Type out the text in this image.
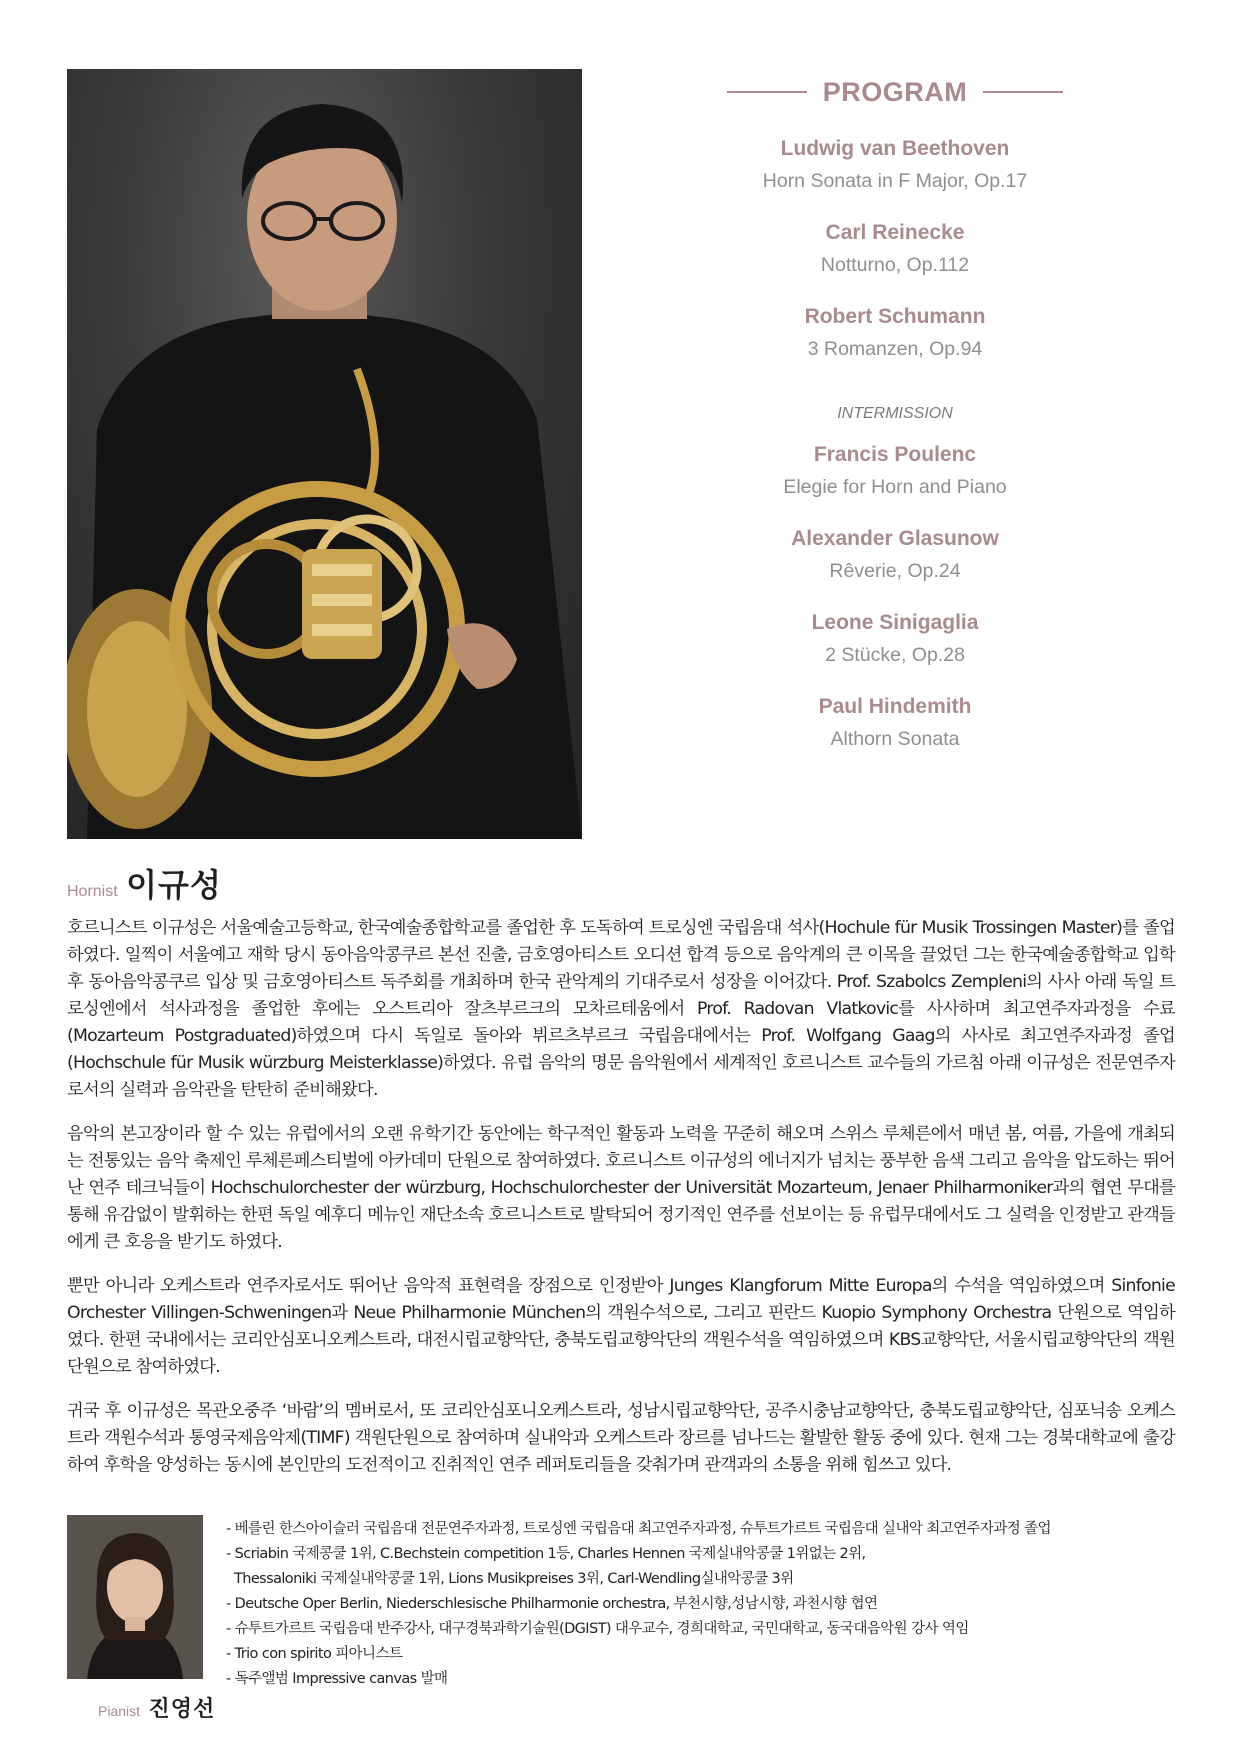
PROGRAM
Ludwig van Beethoven
Horn Sonata in F Major, Op.17
Carl Reinecke
Notturno, Op.112
Robert Schumann
3 Romanzen, Op.94
INTERMISSION
Francis Poulenc
Elegie for Horn and Piano
Alexander Glasunow
Rêverie, Op.24
Leone Sinigaglia
2 Stücke, Op.28
Paul Hindemith
Althorn Sonata
Hornist 이규성

호르니스트 이규성은 서울예술고등학교, 한국예술종합학교를 졸업한 후 도독하여 트로싱엔 국립음대 석사(Hochule für Musik Trossingen Master)를 졸업하였다. 일찍이 서울예고 재학 당시 동아음악콩쿠르 본선 진출, 금호영아티스트 오디션 합격 등으로 음악계의 큰 이목을 끌었던 그는 한국예술종합학교 입학 후 동아음악콩쿠르 입상 및 금호영아티스트 독주회를 개최하며 한국 관악계의 기대주로서 성장을 이어갔다. Prof. Szabolcs Zempleni의 사사 아래 독일 트로싱엔에서 석사과정을 졸업한 후에는 오스트리아 잘츠부르크의 모차르테움에서 Prof. Radovan Vlatkovic를 사사하며 최고연주자과정을 수료(Mozarteum Postgraduated)하였으며 다시 독일로 돌아와 뷔르츠부르크 국립음대에서는 Prof. Wolfgang Gaag의 사사로 최고연주자과정 졸업(Hochschule für Musik würzburg Meisterklasse)하였다. 유럽 음악의 명문 음악원에서 세계적인 호르니스트 교수들의 가르침 아래 이규성은 전문연주자로서의 실력과 음악관을 탄탄히 준비해왔다.

음악의 본고장이라 할 수 있는 유럽에서의 오랜 유학기간 동안에는 학구적인 활동과 노력을 꾸준히 해오며 스위스 루체른에서 매년 봄, 여름, 가을에 개최되는 전통있는 음악 축제인 루체른페스티벌에 아카데미 단원으로 참여하였다. 호르니스트 이규성의 에너지가 넘치는 풍부한 음색 그리고 음악을 압도하는 뛰어난 연주 테크닉들이 Hochschulorchester der würzburg, Hochschulorchester der Universität Mozarteum, Jenaer Philharmoniker과의 협연 무대를 통해 유감없이 발휘하는 한편 독일 예후디 메뉴인 재단소속 호르니스트로 발탁되어 정기적인 연주를 선보이는 등 유럽무대에서도 그 실력을 인정받고 관객들에게 큰 호응을 받기도 하였다.

뿐만 아니라 오케스트라 연주자로서도 뛰어난 음악적 표현력을 장점으로 인정받아 Junges Klangforum Mitte Europa의 수석을 역임하였으며 Sinfonie Orchester Villingen-Schweningen과 Neue Philharmonie München의 객원수석으로, 그리고 핀란드 Kuopio Symphony Orchestra 단원으로 역임하였다. 한편 국내에서는 코리안심포니오케스트라, 대전시립교향악단, 충북도립교향악단의 객원수석을 역임하였으며 KBS교향악단, 서울시립교향악단의 객원단원으로 참여하였다.

귀국 후 이규성은 목관오중주 ‘바람’의 멤버로서, 또 코리안심포니오케스트라, 성남시립교향악단, 공주시충남교향악단, 충북도립교향악단, 심포닉송 오케스트라 객원수석과 통영국제음악제(TIMF) 객원단원으로 참여하며 실내악과 오케스트라 장르를 넘나드는 활발한 활동 중에 있다. 현재 그는 경북대학교에 출강하여 후학을 양성하는 동시에 본인만의 도전적이고 진취적인 연주 레퍼토리들을 갖춰가며 관객과의 소통을 위해 힘쓰고 있다.

- 베를린 한스아이슬러 국립음대 전문연주자과정, 트로싱엔 국립음대 최고연주자과정, 슈투트가르트 국립음대 실내악 최고연주자과정 졸업
- Scriabin 국제콩쿨 1위, C.Bechstein competition 1등, Charles Hennen 국제실내악콩쿨 1위없는 2위,
Thessaloniki 국제실내악콩쿨 1위, Lions Musikpreises 3위, Carl-Wendling실내악콩쿨 3위
- Deutsche Oper Berlin, Niederschlesische Philharmonie orchestra, 부천시향,성남시향, 과천시향 협연
- 슈투트가르트 국립음대 반주강사, 대구경북과학기술원(DGIST) 대우교수, 경희대학교, 국민대학교, 동국대음악원 강사 역임
- Trio con spirito 피아니스트
- 독주앨범 Impressive canvas 발매
Pianist 진영선
